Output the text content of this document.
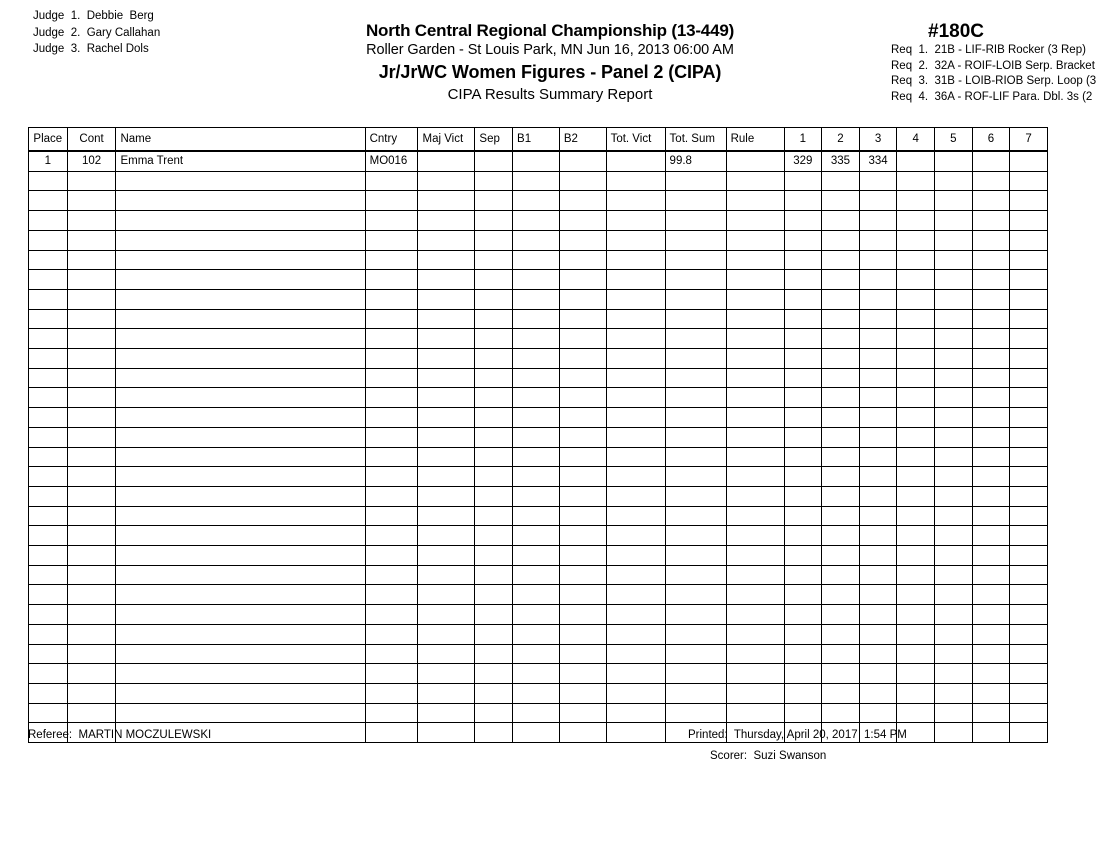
Judge  1.  Debbie  Berg
Judge  2.  Gary Callahan
Judge  3.  Rachel Dols
North Central Regional Championship (13-449)
Roller Garden - St Louis Park, MN Jun 16, 2013 06:00 AM
Jr/JrWC Women Figures - Panel 2 (CIPA)
CIPA Results Summary Report
#180C
Req  1.  21B - LIF-RIB Rocker (3 Rep)
Req  2.  32A - ROIF-LOIB Serp. Bracket
Req  3.  31B - LOIB-RIOB Serp. Loop (3
Req  4.  36A - ROF-LIF Para. Dbl. 3s (2
Place	Cont	Name	Cntry	Maj Vict	Sep	B1	B2	Tot. Vict	Tot. Sum	Rule	1	2	3	4	5	6	7
1	102	Emma Trent	MO016						99.8		329	335	334				

Referee:  MARTIN MOCZULEWSKI	Printed:  Thursday, April 20, 2017  1:54 PM
Scorer:  Suzi Swanson
